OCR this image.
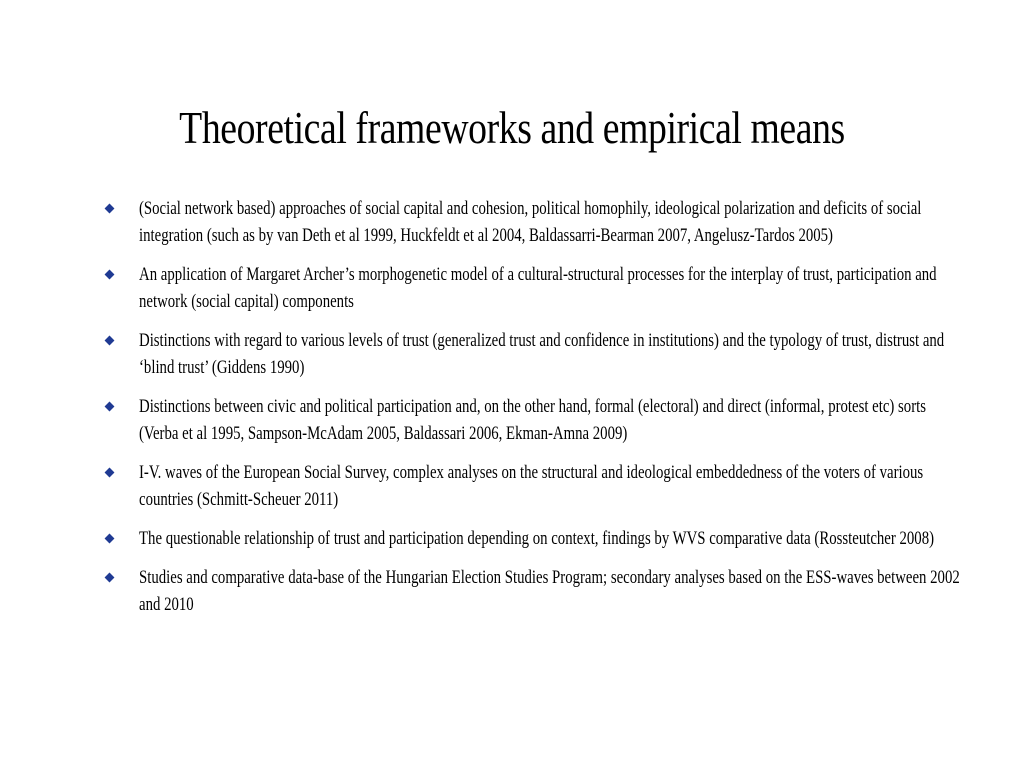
Theoretical frameworks and empirical means
(Social network based) approaches of social capital and cohesion, political homophily, ideological polarization and deficits of social integration (such as by van Deth et al 1999, Huckfeldt et al 2004, Baldassarri-Bearman 2007, Angelusz-Tardos 2005)
An application of Margaret Archer’s morphogenetic model of a cultural-structural processes for the interplay of trust, participation and network (social capital) components
Distinctions with regard to various levels of trust (generalized trust and confidence in institutions) and the typology of trust, distrust and ‘blind trust’ (Giddens 1990)
Distinctions between civic and political participation and, on the other hand, formal (electoral) and direct (informal, protest etc) sorts (Verba et al 1995, Sampson-McAdam 2005, Baldassari 2006, Ekman-Amna 2009)
I-V. waves of the European Social Survey, complex analyses on the structural and ideological embeddedness of the voters of various countries (Schmitt-Scheuer 2011)
The questionable relationship of trust and participation depending on context, findings by WVS comparative data (Rossteutcher 2008)
Studies and comparative data-base of the Hungarian Election Studies Program; secondary analyses based on the ESS-waves between 2002 and 2010
